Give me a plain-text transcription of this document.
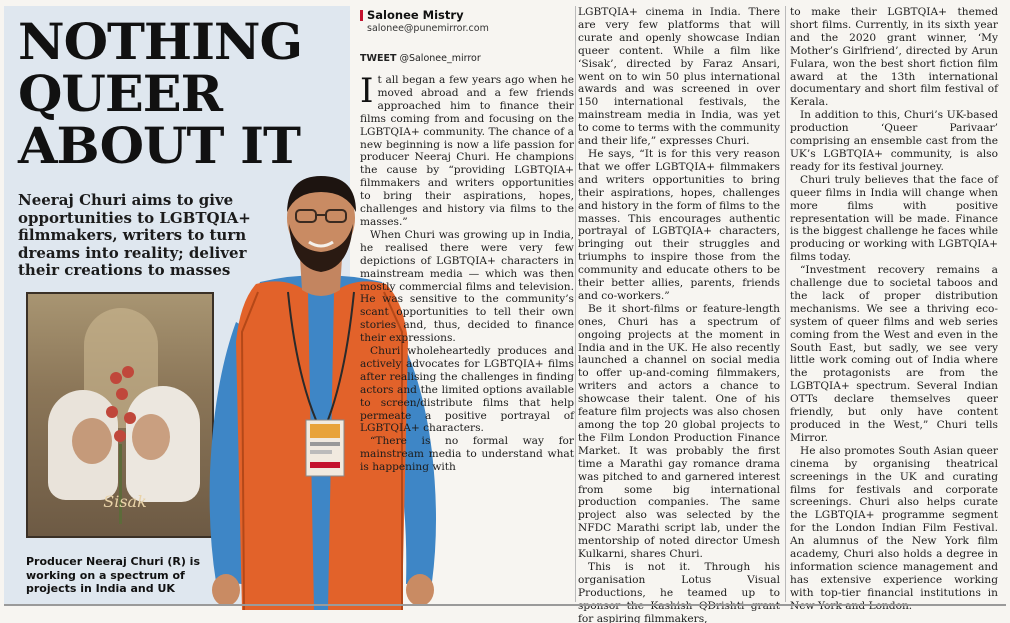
NOTHING
QUEER
ABOUT IT
Neeraj Churi aims to give opportunities to LGBTQIA+ filmmakers, writers to turn dreams into reality; deliver their creations to masses
Sisak
Producer Neeraj Churi (R) is working on a spectrum of projects in India and UK
Salonee Mistry
salonee@punemirror.com
TWEET @Salonee_mirror

It all began a few years ago when he moved abroad and a few friends approached him to finance their films coming from and focusing on the LGBTQIA+ community. The chance of a new beginning is now a life passion for producer Neeraj Churi. He champions the cause by “providing LGBTQIA+ filmmakers and writers opportunities to bring their aspirations, hopes, challenges and history via films to the masses.”

When Churi was growing up in India, he realised there were very few depictions of LGBTQIA+ characters in mainstream media — which was then mostly commercial films and television. He was sensitive to the community’s scant opportunities to tell their own stories and, thus, decided to finance their expressions.

Churi wholeheartedly produces and actively advocates for LGBTQIA+ films after realising the challenges in finding actors and the limited options available to screen/distribute films that help permeate a positive portrayal of LGBTQIA+ characters.

“There is no formal way for mainstream media to understand what is happening with

LGBTQIA+ cinema in India. There are very few platforms that will curate and openly showcase Indian queer content. While a film like ‘Sisak’, directed by Faraz Ansari, went on to win 50 plus international awards and was screened in over 150 international festivals, the mainstream media in India, was yet to come to terms with the community and their life,” expresses Churi.

He says, “It is for this very reason that we offer LGBTQIA+ filmmakers and writers opportunities to bring their aspirations, hopes, challenges and history in the form of films to the masses. This encourages authentic portrayal of LGBTQIA+ characters, bringing out their struggles and triumphs to inspire those from the community and educate others to be their better allies, parents, friends and co-workers.”

Be it short-films or feature-length ones, Churi has a spectrum of ongoing projects at the moment in India and in the UK. He also recently launched a channel on social media to offer up-and-coming filmmakers, writers and actors a chance to showcase their talent. One of his feature film projects was also chosen among the top 20 global projects to the Film London Production Finance Market. It was probably the first time a Marathi gay romance drama was pitched to and garnered interest from some big international production companies. The same project also was selected by the NFDC Marathi script lab, under the mentorship of noted director Umesh Kulkarni, shares Churi.

This is not it. Through his organisation Lotus Visual Productions, he teamed up to for aspiring filmmakers,

to make their LGBTQIA+ themed short films. Currently, in its sixth year and the 2020 grant winner, ‘My Mother’s Girlfriend’, directed by Arun Fulara, won the best short fiction film award at the 13th international documentary and short film festival of Kerala.

In addition to this, Churi’s UK-based production ‘Queer Parivaar’ comprising an ensemble cast from the UK’s LGBTQIA+ community, is also ready for its festival journey.

Churi truly believes that the face of queer films in India will change when more films with positive representation will be made. Finance is the biggest challenge he faces while producing or working with LGBTQIA+ films today.

“Investment recovery remains a challenge due to societal taboos and the lack of proper distribution mechanisms. We see a thriving eco- system of queer films and web series coming from the West and even in the South East, but sadly, we see very little work coming out of India where the protagonists are from the LGBTQIA+ spectrum. Several Indian OTTs declare themselves queer friendly, but only have content produced in the West,” Churi tells Mirror.

He also promotes South Asian queer cinema by organising theatrical screenings in the UK and curating films for festivals and corporate screenings. Churi also helps curate the LGBTQIA+ programme segment for the London Indian Film Festival. An alumnus of the New York film academy, Churi also holds a degree in information science management and has extensive experience working with top-tier financial institutions in
